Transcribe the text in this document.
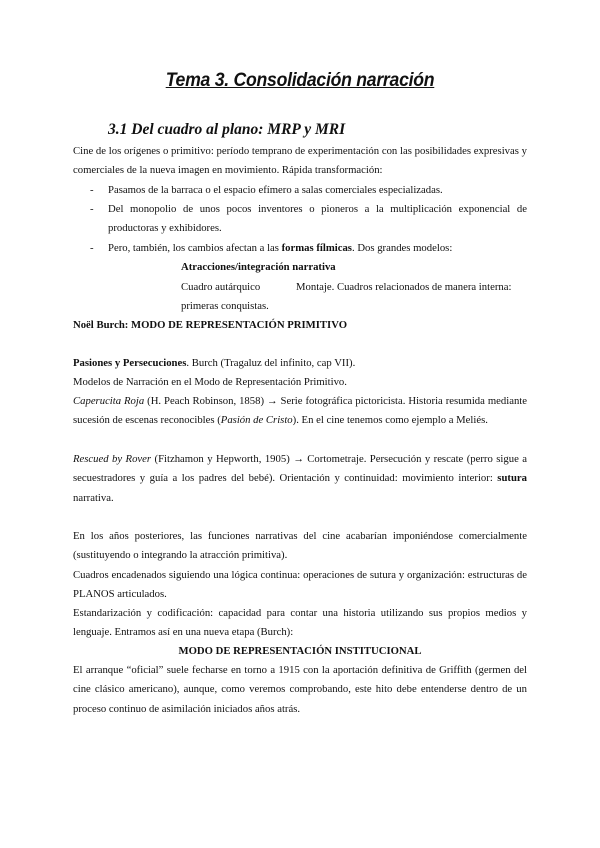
Tema 3. Consolidación narración
3.1 Del cuadro al plano: MRP y MRI
Cine de los orígenes o primitivo: período temprano de experimentación con las posibilidades expresivas y comerciales de la nueva imagen en movimiento. Rápida transformación:
- Pasamos de la barraca o el espacio efímero a salas comerciales especializadas.
- Del monopolio de unos pocos inventores o pioneros a la multiplicación exponencial de productoras y exhibidores.
- Pero, también, los cambios afectan a las formas fílmicas. Dos grandes modelos:
Atracciones/integración narrativa
Cuadro autárquico	Montaje. Cuadros relacionados de manera interna:
primeras conquistas.
Noël Burch: MODO DE REPRESENTACIÓN PRIMITIVO
Pasiones y Persecuciones. Burch (Tragaluz del infinito, cap VII).
Modelos de Narración en el Modo de Representación Primitivo.
Caperucita Roja (H. Peach Robinson, 1858) → Serie fotográfica pictoricista. Historia resumida mediante sucesión de escenas reconocibles (Pasión de Cristo). En el cine tenemos como ejemplo a Meliés.
Rescued by Rover (Fitzhamon y Hepworth, 1905) → Cortometraje. Persecución y rescate (perro sigue a secuestradores y guía a los padres del bebé). Orientación y continuidad: movimiento interior: sutura narrativa.
En los años posteriores, las funciones narrativas del cine acabarían imponiéndose comercialmente (sustituyendo o integrando la atracción primitiva).
Cuadros encadenados siguiendo una lógica continua: operaciones de sutura y organización: estructuras de PLANOS articulados.
Estandarización y codificación: capacidad para contar una historia utilizando sus propios medios y lenguaje. Entramos así en una nueva etapa (Burch):
MODO DE REPRESENTACIÓN INSTITUCIONAL
El arranque “oficial” suele fecharse en torno a 1915 con la aportación definitiva de Griffith (germen del cine clásico americano), aunque, como veremos comprobando, este hito debe entenderse dentro de un proceso continuo de asimilación iniciados años atrás.
